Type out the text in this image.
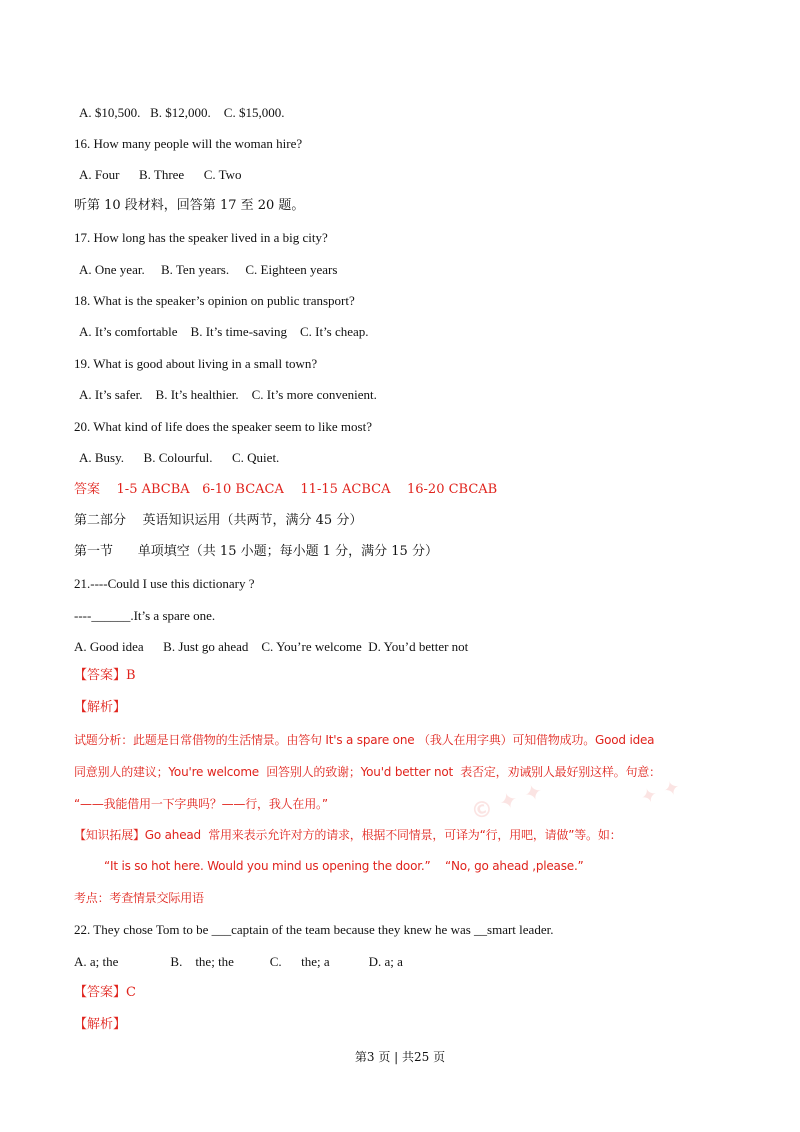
© ✦ ✦	✦ ✦
A. $10,500.   B. $12,000.    C. $15,000.
16. How many people will the woman hire?
A. Four      B. Three      C. Two
听第 10 段材料，回答第 17 至 20 题。
17. How long has the speaker lived in a big city?
A. One year.     B. Ten years.     C. Eighteen years
18. What is the speaker’s opinion on public transport?
A. It’s comfortable    B. It’s time-saving    C. It’s cheap.
19. What is good about living in a small town?
A. It’s safer.    B. It’s healthier.    C. It’s more convenient.
20. What kind of life does the speaker seem to like most?
A. Busy.      B. Colourful.      C. Quiet.
答案    1-5 ABCBA   6-10 BCACA    11-15 ACBCA    16-20 CBCAB
第二部分    英语知识运用（共两节，满分 45 分）
第一节      单项填空（共 15 小题；每小题 1 分，满分 15 分）
21.----Could I use this dictionary ?
----______.It’s a spare one.
A. Good idea      B. Just go ahead    C. You’re welcome  D. You’d better not
【答案】B
【解析】
试题分析：此题是日常借物的生活情景。由答句 It's a spare one （我人在用字典）可知借物成功。Good idea
同意别人的建议；You're welcome  回答别人的致谢；You'd better not  表否定，劝诫别人最好别这样。句意：
“——我能借用一下字典吗？——行，我人在用。”
【知识拓展】Go ahead  常用来表示允许对方的请求，根据不同情景，可译为“行，用吧，请做”等。如：
“It is so hot here. Would you mind us opening the door.”    “No, go ahead ,please.”
考点：考查情景交际用语
22. They chose Tom to be ___captain of the team because they knew he was __smart leader.
A. a; the                B.    the; the           C.      the; a            D. a; a
【答案】C
【解析】
第3 页 | 共25 页
